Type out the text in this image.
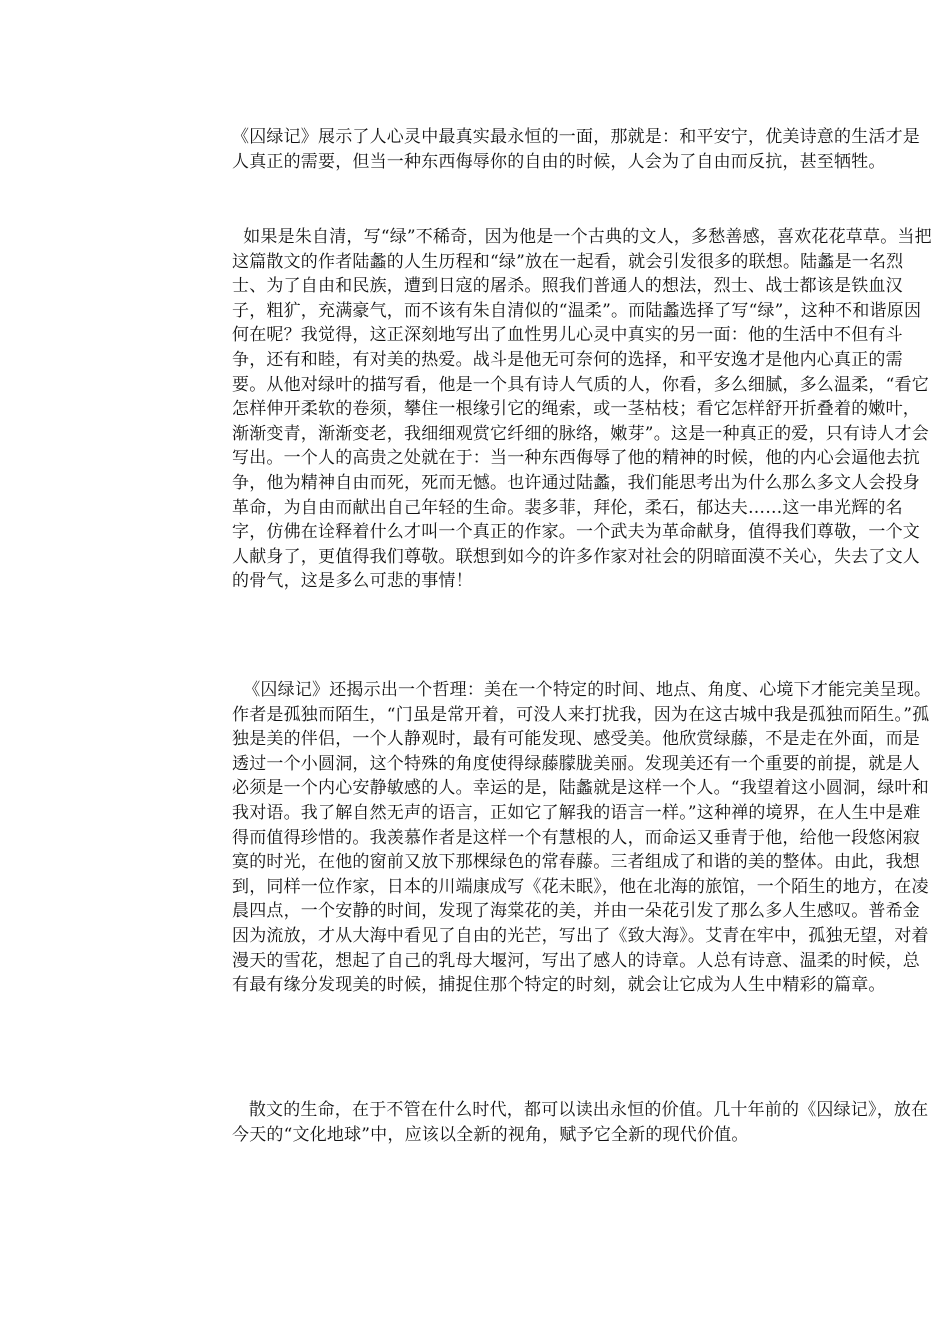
《囚绿记》展示了人心灵中最真实最永恒的一面，那就是：和平安宁，优美诗意的生活才是人真正的需要，但当一种东西侮辱你的自由的时候，人会为了自由而反抗，甚至牺牲。

如果是朱自清，写“绿”不稀奇，因为他是一个古典的文人，多愁善感，喜欢花花草草。当把这篇散文的作者陆蠡的人生历程和“绿”放在一起看，就会引发很多的联想。陆蠡是一名烈士、为了自由和民族，遭到日寇的屠杀。照我们普通人的想法，烈士、战士都该是铁血汉子，粗犷，充满豪气，而不该有朱自清似的“温柔”。而陆蠡选择了写“绿”，这种不和谐原因何在呢？我觉得，这正深刻地写出了血性男儿心灵中真实的另一面：他的生活中不但有斗争，还有和睦，有对美的热爱。战斗是他无可奈何的选择，和平安逸才是他内心真正的需要。从他对绿叶的描写看，他是一个具有诗人气质的人，你看，多么细腻，多么温柔，“看它怎样伸开柔软的卷须，攀住一根缘引它的绳索，或一茎枯枝；看它怎样舒开折叠着的嫩叶，渐渐变青，渐渐变老，我细细观赏它纤细的脉络，嫩芽”。这是一种真正的爱，只有诗人才会写出。一个人的高贵之处就在于：当一种东西侮辱了他的精神的时候，他的内心会逼他去抗争，他为精神自由而死，死而无憾。也许通过陆蠡，我们能思考出为什么那么多文人会投身革命，为自由而献出自己年轻的生命。裴多菲，拜伦，柔石，郁达夫……这一串光辉的名字，仿佛在诠释着什么才叫一个真正的作家。一个武夫为革命献身，值得我们尊敬，一个文人献身了，更值得我们尊敬。联想到如今的许多作家对社会的阴暗面漠不关心，失去了文人的骨气，这是多么可悲的事情！

《囚绿记》还揭示出一个哲理：美在一个特定的时间、地点、角度、心境下才能完美呈现。作者是孤独而陌生，“门虽是常开着，可没人来打扰我，因为在这古城中我是孤独而陌生。”孤独是美的伴侣，一个人静观时，最有可能发现、感受美。他欣赏绿藤，不是走在外面，而是透过一个小圆洞，这个特殊的角度使得绿藤朦胧美丽。发现美还有一个重要的前提，就是人必须是一个内心安静敏感的人。幸运的是，陆蠡就是这样一个人。“我望着这小圆洞，绿叶和我对语。我了解自然无声的语言，正如它了解我的语言一样。”这种禅的境界，在人生中是难得而值得珍惜的。我羡慕作者是这样一个有慧根的人，而命运又垂青于他，给他一段悠闲寂寞的时光，在他的窗前又放下那棵绿色的常春藤。三者组成了和谐的美的整体。由此，我想到，同样一位作家，日本的川端康成写《花未眠》，他在北海的旅馆，一个陌生的地方，在凌晨四点，一个安静的时间，发现了海棠花的美，并由一朵花引发了那么多人生感叹。普希金因为流放，才从大海中看见了自由的光芒，写出了《致大海》。艾青在牢中，孤独无望，对着漫天的雪花，想起了自己的乳母大堰河，写出了感人的诗章。人总有诗意、温柔的时候，总有最有缘分发现美的时候，捕捉住那个特定的时刻，就会让它成为人生中精彩的篇章。

散文的生命，在于不管在什么时代，都可以读出永恒的价值。几十年前的《囚绿记》，放在今天的“文化地球”中，应该以全新的视角，赋予它全新的现代价值。
